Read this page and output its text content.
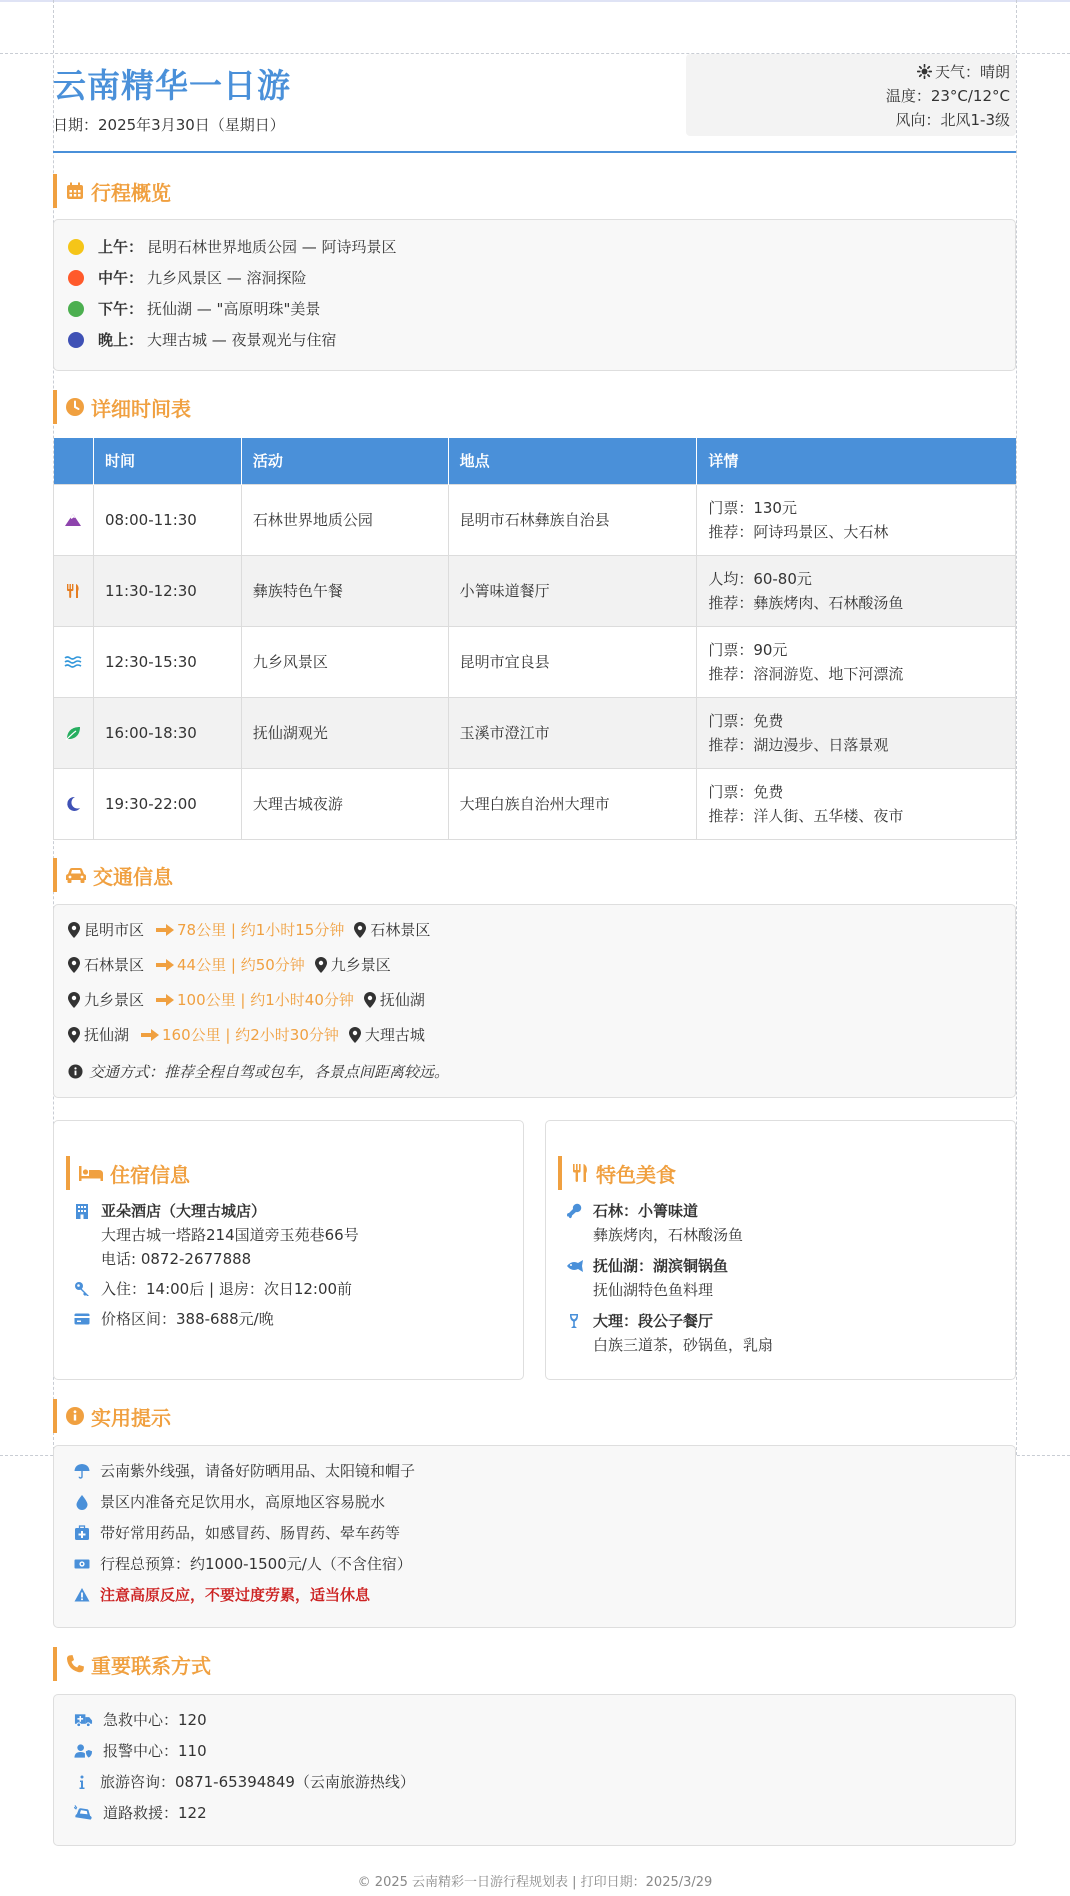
云南精华一日游
日期：2025年3月30日（星期日）
天气：晴朗
温度：23°C/12°C
风向：北风1-3级
行程概览
上午： 昆明石林世界地质公园 — 阿诗玛景区
中午： 九乡风景区 — 溶洞探险
下午： 抚仙湖 — "高原明珠"美景
晚上： 大理古城 — 夜景观光与住宿
详细时间表
	时间	活动	地点	详情
	08:00-11:30	石林世界地质公园	昆明市石林彝族自治县	门票：130元
推荐：阿诗玛景区、大石林

	11:30-12:30	彝族特色午餐	小箐味道餐厅	人均：60-80元
推荐：彝族烤肉、石林酸汤鱼

	12:30-15:30	九乡风景区	昆明市宜良县	门票：90元
推荐：溶洞游览、地下河漂流

	16:00-18:30	抚仙湖观光	玉溪市澄江市	门票：免费
推荐：湖边漫步、日落景观

	19:30-22:00	大理古城夜游	大理白族自治州大理市	门票：免费
推荐：洋人街、五华楼、夜市
交通信息
昆明市区 78公里 | 约1小时15分钟 石林景区
石林景区 44公里 | 约50分钟 九乡景区
九乡景区 100公里 | 约1小时40分钟 抚仙湖
抚仙湖 160公里 | 约2小时30分钟 大理古城
交通方式：推荐全程自驾或包车，各景点间距离较远。
住宿信息
亚朵酒店（大理古城店）
大理古城一塔路214国道旁玉苑巷66号
电话: 0872-2677888
入住：14:00后 | 退房：次日12:00前
价格区间：388-688元/晚
特色美食
石林：小箐味道
彝族烤肉，石林酸汤鱼
抚仙湖：湖滨铜锅鱼
抚仙湖特色鱼料理
大理：段公子餐厅
白族三道茶，砂锅鱼，乳扇
实用提示
云南紫外线强，请备好防晒用品、太阳镜和帽子
景区内准备充足饮用水，高原地区容易脱水
带好常用药品，如感冒药、肠胃药、晕车药等
行程总预算：约1000-1500元/人（不含住宿）
注意高原反应，不要过度劳累，适当休息
重要联系方式
急救中心：120
报警中心：110
旅游咨询：0871-65394849（云南旅游热线）
道路救援：122
© 2025 云南精彩一日游行程规划表 | 打印日期：2025/3/29
